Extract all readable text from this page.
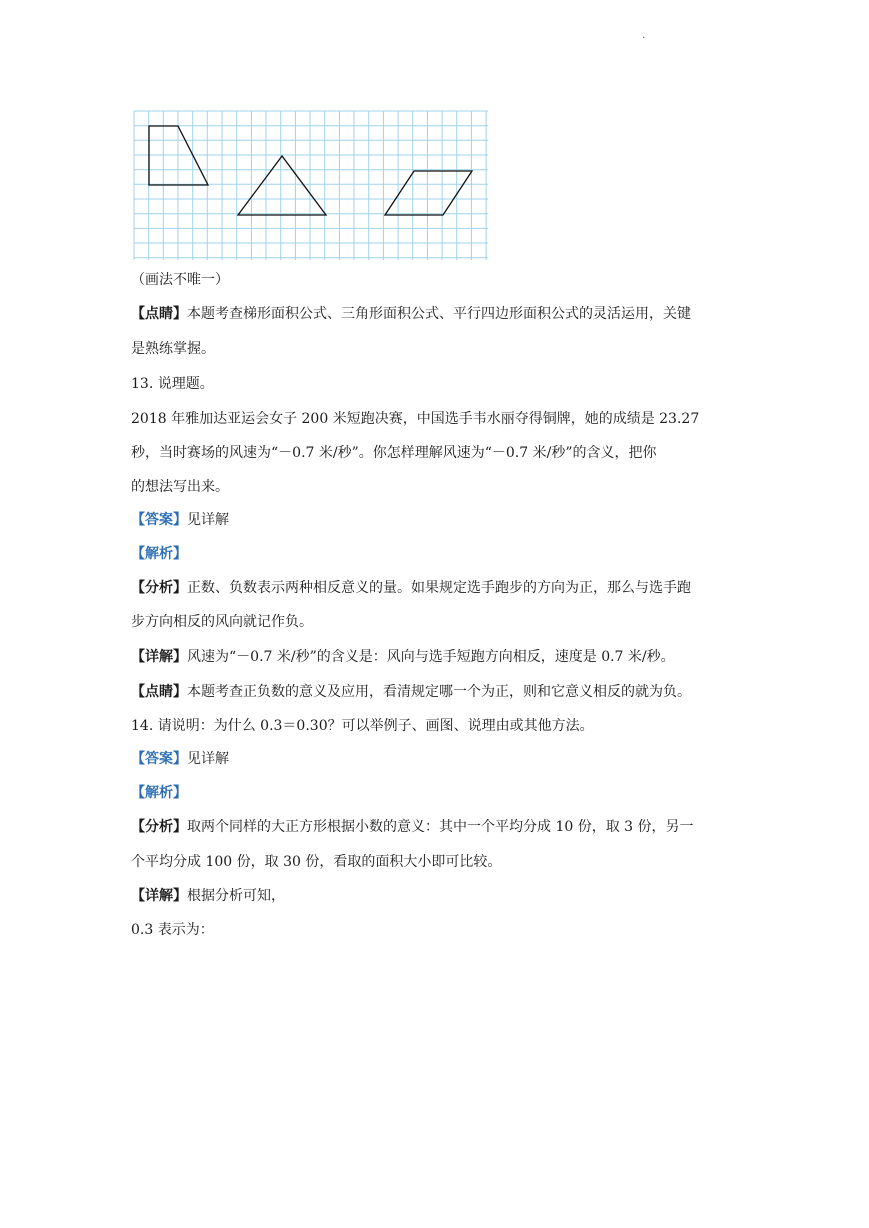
.
（画法不唯一）
【点睛】本题考查梯形面积公式、三角形面积公式、平行四边形面积公式的灵活运用，关键
是熟练掌握。
13. 说理题。
2018 年雅加达亚运会女子 200 米短跑决赛，中国选手韦水丽夺得铜牌，她的成绩是 23.27
秒，当时赛场的风速为“－0.7 米/秒”。你怎样理解风速为“－0.7 米/秒”的含义，把你
的想法写出来。
【答案】见详解
【解析】
【分析】正数、负数表示两种相反意义的量。如果规定选手跑步的方向为正，那么与选手跑
步方向相反的风向就记作负。
【详解】风速为“－0.7 米/秒”的含义是：风向与选手短跑方向相反，速度是 0.7 米/秒。
【点睛】本题考查正负数的意义及应用，看清规定哪一个为正，则和它意义相反的就为负。
14. 请说明：为什么 0.3＝0.30？可以举例子、画图、说理由或其他方法。
【答案】见详解
【解析】
【分析】取两个同样的大正方形根据小数的意义：其中一个平均分成 10 份，取 3 份，另一
个平均分成 100 份，取 30 份，看取的面积大小即可比较。
【详解】根据分析可知，
0.3 表示为：
